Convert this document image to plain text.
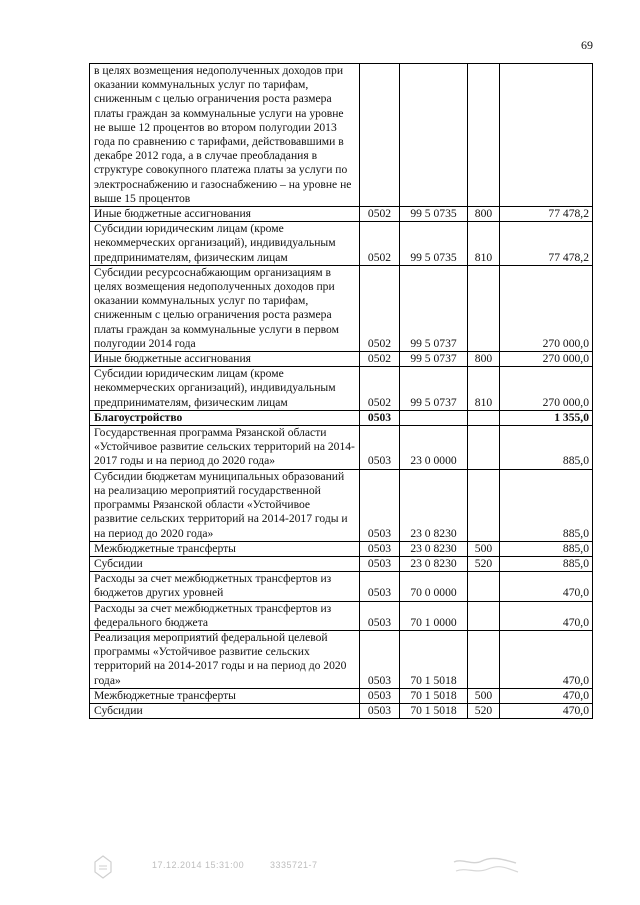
69
в целях возмещения недополученных доходов при оказании коммунальных услуг по тарифам, сниженным с целью ограничения роста размера платы граждан за коммунальные услуги на уровне не выше 12 процентов во втором полугодии 2013 года по сравнению с тарифами, действовавшими в декабре 2012 года, а в случае преобладания в структуре совокупного платежа платы за услуги по электроснабжению и газоснабжению – на уровне не выше 15 процентов				
Иные бюджетные ассигнования	0502	99 5 0735	800	77 478,2
Субсидии юридическим лицам (кроме некоммерческих организаций), индивидуальным предпринимателям, физическим лицам	0502	99 5 0735	810	77 478,2
Субсидии ресурсоснабжающим организациям в целях возмещения недополученных доходов при оказании коммунальных услуг по тарифам, сниженным с целью ограничения роста размера платы граждан за коммунальные услуги в первом полугодии 2014 года	0502	99 5 0737		270 000,0
Иные бюджетные ассигнования	0502	99 5 0737	800	270 000,0
Субсидии юридическим лицам (кроме некоммерческих организаций), индивидуальным предпринимателям, физическим лицам	0502	99 5 0737	810	270 000,0
Благоустройство	0503			1 355,0
Государственная программа Рязанской области «Устойчивое развитие сельских территорий на 2014-2017 годы и на период до 2020 года»	0503	23 0 0000		885,0
Субсидии бюджетам муниципальных образований на реализацию мероприятий государственной программы Рязанской области «Устойчивое развитие сельских территорий на 2014-2017 годы и на период до 2020 года»	0503	23 0 8230		885,0
Межбюджетные трансферты	0503	23 0 8230	500	885,0
Субсидии	0503	23 0 8230	520	885,0
Расходы за счет межбюджетных трансфертов из бюджетов других уровней	0503	70 0 0000		470,0
Расходы за счет межбюджетных трансфертов из федерального бюджета	0503	70 1 0000		470,0
Реализация мероприятий федеральной целевой программы «Устойчивое развитие сельских территорий на 2014-2017 годы и на период до 2020 года»	0503	70 1 5018		470,0
Межбюджетные трансферты	0503	70 1 5018	500	470,0
Субсидии	0503	70 1 5018	520	470,0
17.12.2014 15:31:00	3335721-7
